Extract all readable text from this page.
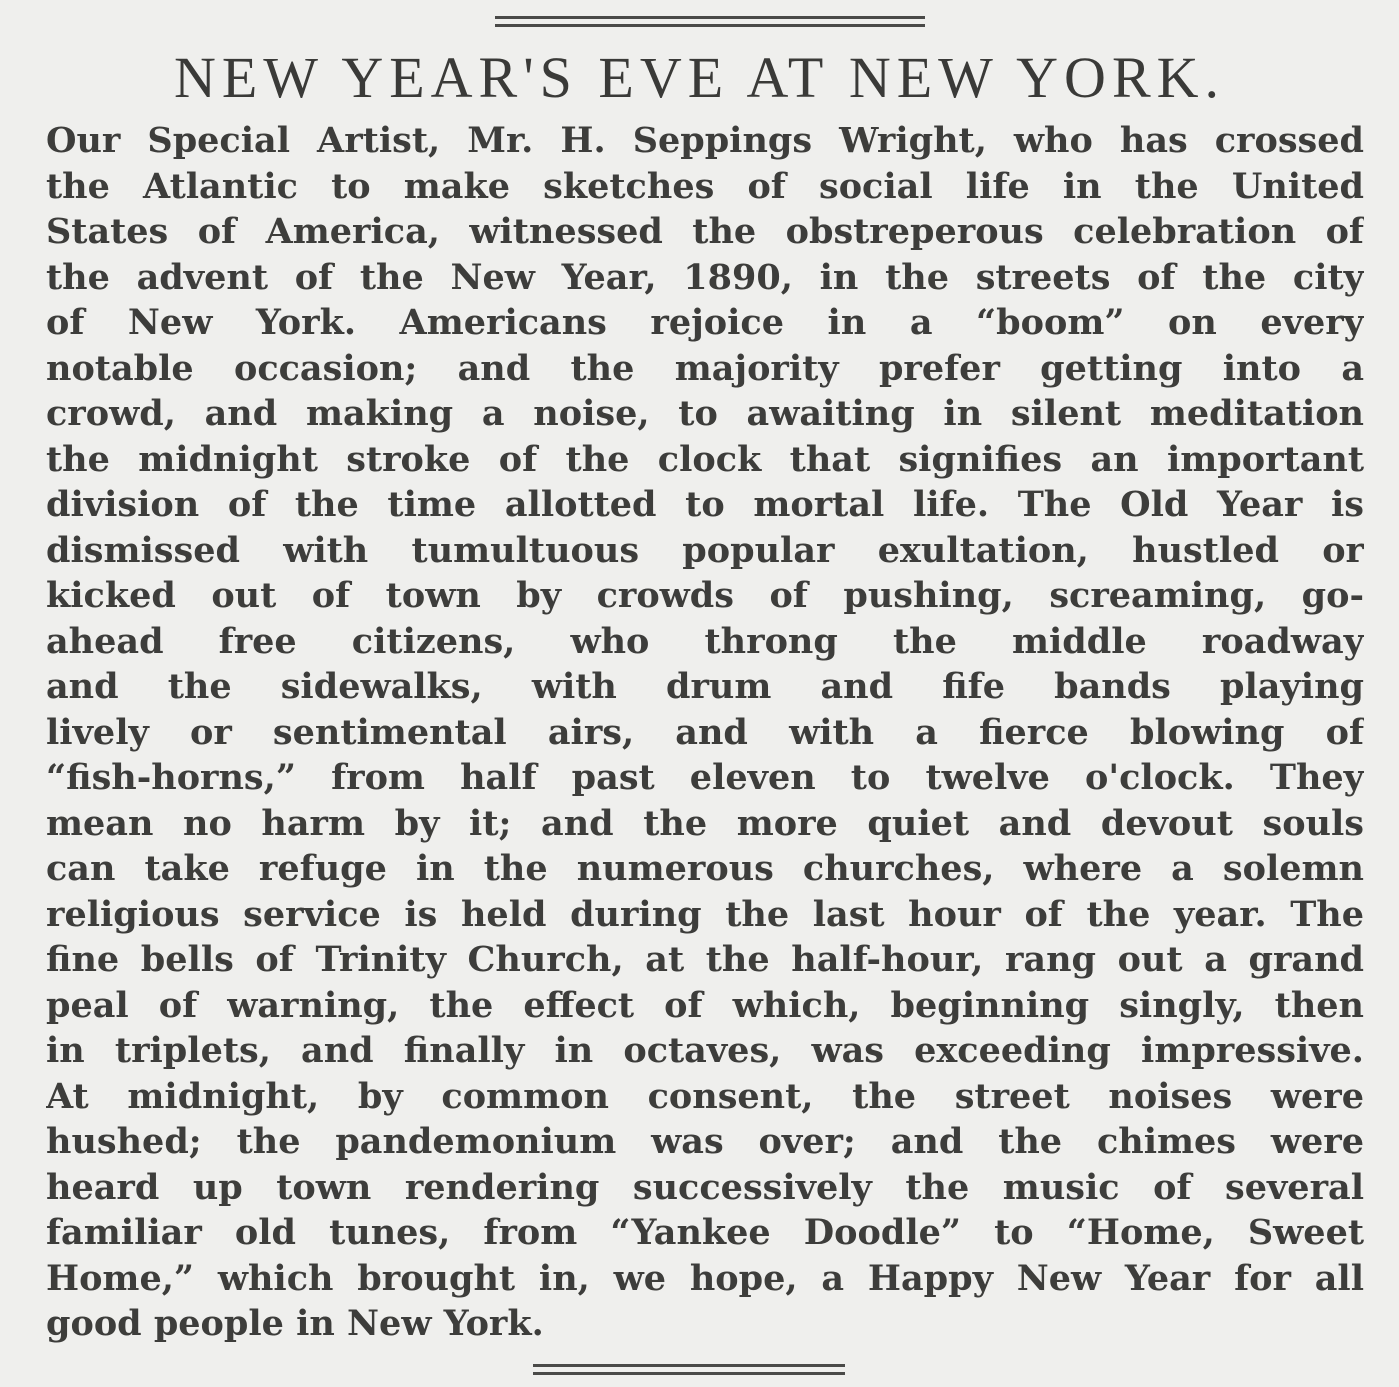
NEW YEAR'S EVE AT NEW YORK.
Our Special Artist, Mr. H. Seppings Wright, who has crossed
the Atlantic to make sketches of social life in the United
States of America, witnessed the obstreperous celebration of
the advent of the New Year, 1890, in the streets of the city
of New York. Americans rejoice in a “boom” on every
notable occasion; and the majority prefer getting into a
crowd, and making a noise, to awaiting in silent meditation
the midnight stroke of the clock that signifies an important
division of the time allotted to mortal life. The Old Year is
dismissed with tumultuous popular exultation, hustled or
kicked out of town by crowds of pushing, screaming, go-
ahead free citizens, who throng the middle roadway
and the sidewalks, with drum and fife bands playing
lively or sentimental airs, and with a fierce blowing of
“fish-horns,” from half past eleven to twelve o'clock. They
mean no harm by it; and the more quiet and devout souls
can take refuge in the numerous churches, where a solemn
religious service is held during the last hour of the year. The
fine bells of Trinity Church, at the half-hour, rang out a grand
peal of warning, the effect of which, beginning singly, then
in triplets, and finally in octaves, was exceeding impressive.
At midnight, by common consent, the street noises were
hushed; the pandemonium was over; and the chimes were
heard up town rendering successively the music of several
familiar old tunes, from “Yankee Doodle” to “Home, Sweet
Home,” which brought in, we hope, a Happy New Year for all
good people in New York.
